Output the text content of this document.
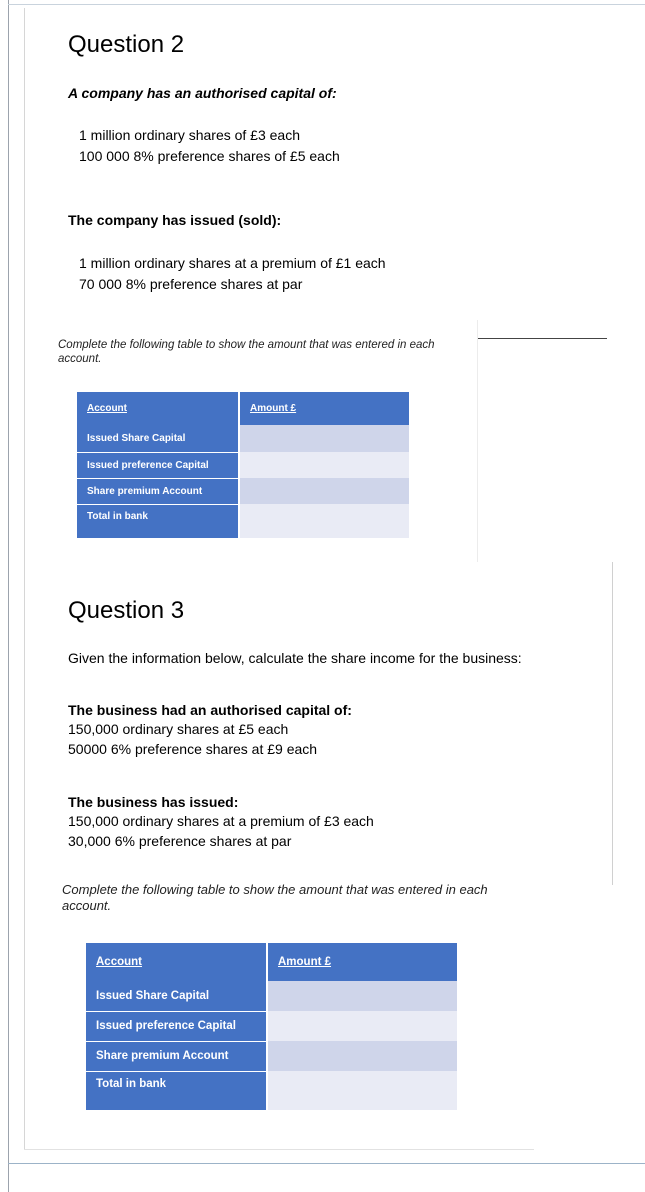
Question 2
A company has an authorised capital of:
1 million ordinary shares of £3 each
100 000 8% preference shares of £5 each
The company has issued (sold):
1 million ordinary shares at a premium of £1 each
70 000 8% preference shares at par
Complete the following table to show the amount that was entered in each account.
Account	Amount £
Issued Share Capital	
Issued preference Capital	
Share premium Account	
Total in bank	
Question 3
Given the information below, calculate the share income for the business:
The business had an authorised capital of:
150,000 ordinary shares at £5 each
50000 6% preference shares at £9 each
The business has issued:
150,000 ordinary shares at a premium of £3 each
30,000 6% preference shares at par
Complete the following table to show the amount that was entered in each account.
Account	Amount £
Issued Share Capital	
Issued preference Capital	
Share premium Account	
Total in bank	
